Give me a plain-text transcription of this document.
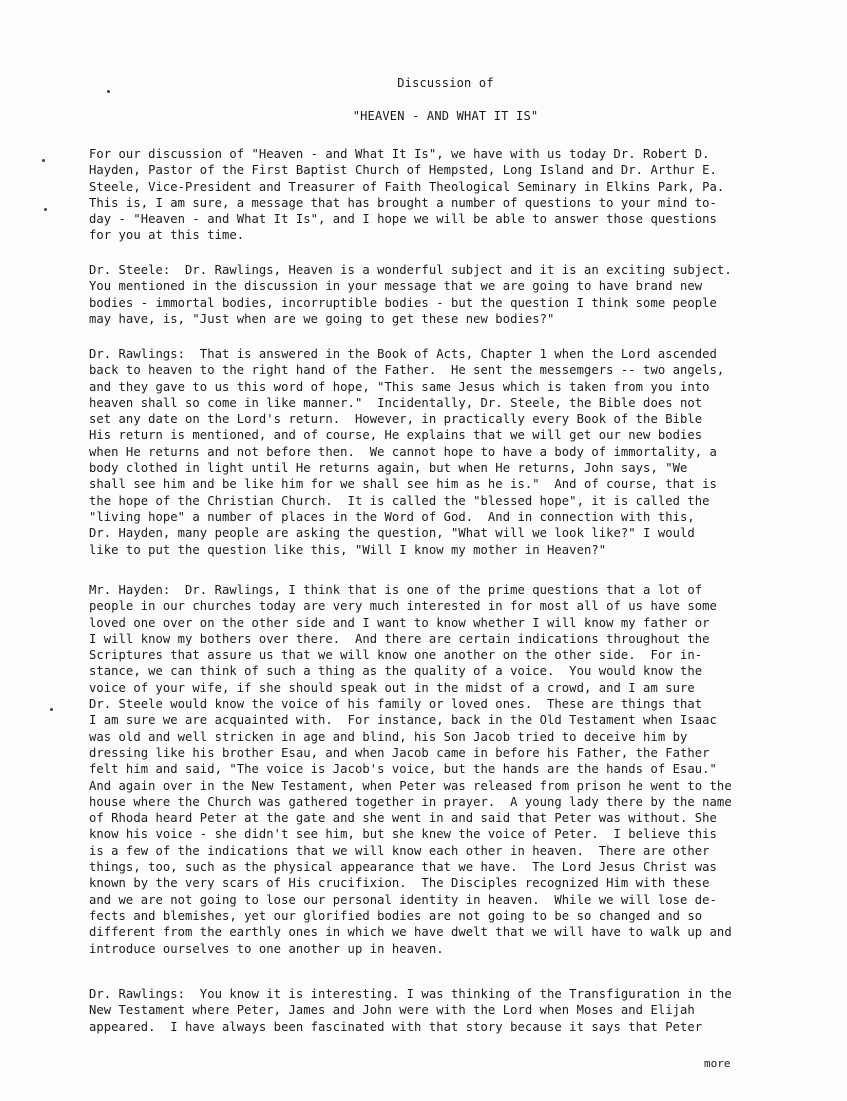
Discussion of
"HEAVEN - AND WHAT IT IS"
For our discussion of "Heaven - and What It Is", we have with us today Dr. Robert D.
Hayden, Pastor of the First Baptist Church of Hempsted, Long Island and Dr. Arthur E.
Steele, Vice-President and Treasurer of Faith Theological Seminary in Elkins Park, Pa.
This is, I am sure, a message that has brought a number of questions to your mind to-
day - "Heaven - and What It Is", and I hope we will be able to answer those questions
for you at this time.
Dr. Steele:  Dr. Rawlings, Heaven is a wonderful subject and it is an exciting subject.
You mentioned in the discussion in your message that we are going to have brand new
bodies - immortal bodies, incorruptible bodies - but the question I think some people
may have, is, "Just when are we going to get these new bodies?"
Dr. Rawlings:  That is answered in the Book of Acts, Chapter 1 when the Lord ascended
back to heaven to the right hand of the Father.  He sent the messemgers -- two angels,
and they gave to us this word of hope, "This same Jesus which is taken from you into
heaven shall so come in like manner."  Incidentally, Dr. Steele, the Bible does not
set any date on the Lord's return.  However, in practically every Book of the Bible
His return is mentioned, and of course, He explains that we will get our new bodies
when He returns and not before then.  We cannot hope to have a body of immortality, a
body clothed in light until He returns again, but when He returns, John says, "We
shall see him and be like him for we shall see him as he is."  And of course, that is
the hope of the Christian Church.  It is called the "blessed hope", it is called the
"living hope" a number of places in the Word of God.  And in connection with this,
Dr. Hayden, many people are asking the question, "What will we look like?" I would
like to put the question like this, "Will I know my mother in Heaven?"
Mr. Hayden:  Dr. Rawlings, I think that is one of the prime questions that a lot of
people in our churches today are very much interested in for most all of us have some
loved one over on the other side and I want to know whether I will know my father or
I will know my bothers over there.  And there are certain indications throughout the
Scriptures that assure us that we will know one another on the other side.  For in-
stance, we can think of such a thing as the quality of a voice.  You would know the
voice of your wife, if she should speak out in the midst of a crowd, and I am sure
Dr. Steele would know the voice of his family or loved ones.  These are things that
I am sure we are acquainted with.  For instance, back in the Old Testament when Isaac
was old and well stricken in age and blind, his Son Jacob tried to deceive him by
dressing like his brother Esau, and when Jacob came in before his Father, the Father
felt him and said, "The voice is Jacob's voice, but the hands are the hands of Esau."
And again over in the New Testament, when Peter was released from prison he went to the
house where the Church was gathered together in prayer.  A young lady there by the name
of Rhoda heard Peter at the gate and she went in and said that Peter was without. She
know his voice - she didn't see him, but she knew the voice of Peter.  I believe this
is a few of the indications that we will know each other in heaven.  There are other
things, too, such as the physical appearance that we have.  The Lord Jesus Christ was
known by the very scars of His crucifixion.  The Disciples recognized Him with these
and we are not going to lose our personal identity in heaven.  While we will lose de-
fects and blemishes, yet our glorified bodies are not going to be so changed and so
different from the earthly ones in which we have dwelt that we will have to walk up and
introduce ourselves to one another up in heaven.
Dr. Rawlings:  You know it is interesting. I was thinking of the Transfiguration in the
New Testament where Peter, James and John were with the Lord when Moses and Elijah
appeared.  I have always been fascinated with that story because it says that Peter
more
